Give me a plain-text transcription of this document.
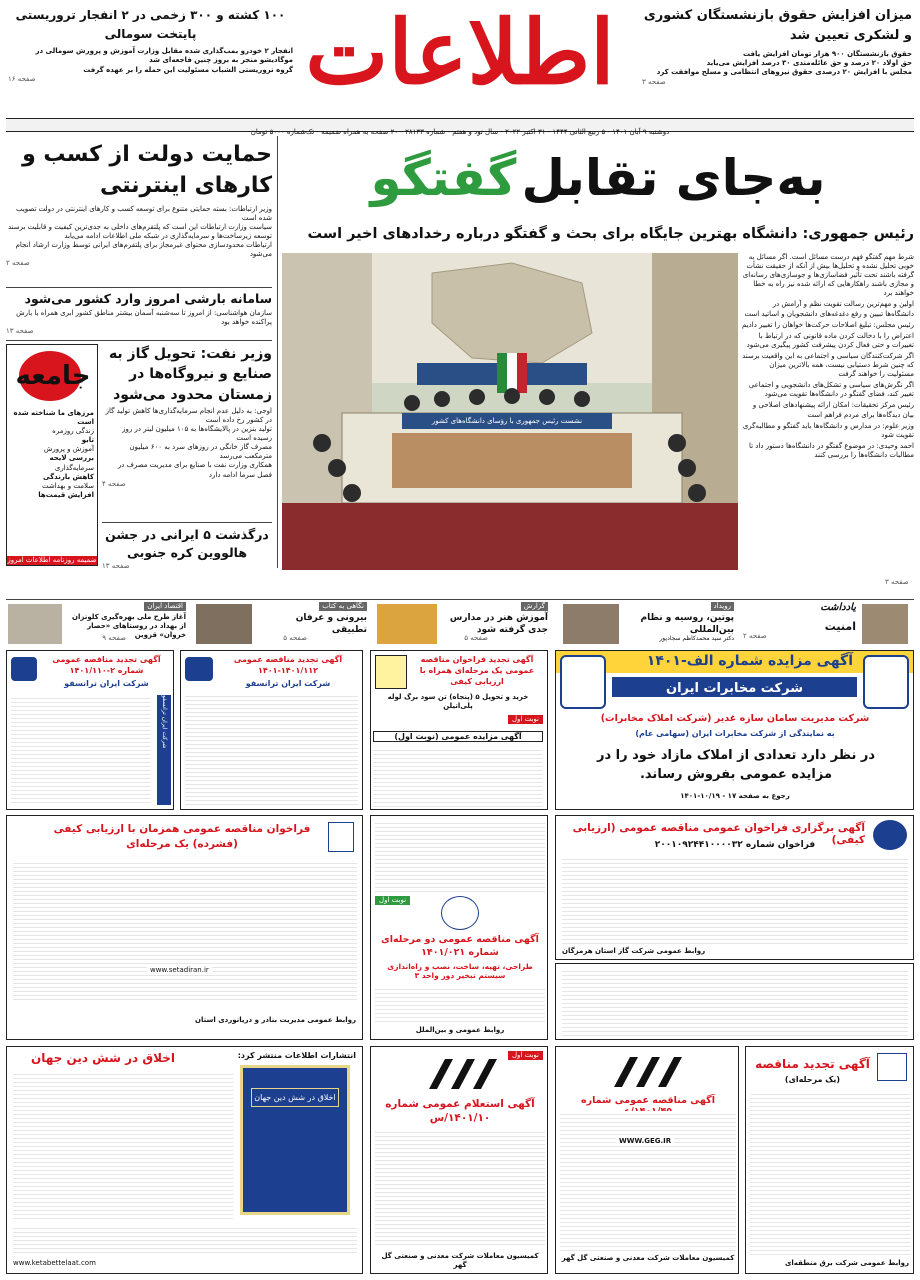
میزان افزایش حقوق بازنشستگان کشوری و لشکری تعیین شد
حقوق بازنشستگان ۹۰۰ هزار تومان افزایش یافت
حق اولاد ۲۰ درصد و حق عائله‌مندی ۳۰ درصد افزایش می‌یابد
مجلس با افزایش ۲۰ درصدی حقوق نیروهای انتظامی و مسلح موافقت کرد
صفحه ۳
اطلاعات
۱۰۰ کشته و ۳۰۰ زخمی در ۲ انفجار تروریستی پایتخت سومالی
انفجار ۲ خودرو بمب‌گذاری شده مقابل وزارت آموزش و پرورش سومالی در موگادیشو منجر به بروز چنین فاجعه‌ای شد
گروه تروریستی الشباب مسئولیت این حمله را بر عهده گرفت
صفحه ۱۶
دوشنبه ۹ آبان ۱۴۰۱ - ۵ ربیع الثانی ۱۴۴۴ - ۳۱ اکتبر ۲۰۲۲ - سال نود و هفتم - شماره ۲۸۱۳۳ - ۲۰ صفحه به همراه ضمیمه - تک‌شماره ۵۰۰۰ تومان
به‌جای تقابل گفتگو
رئیس جمهوری: دانشگاه بهترین جایگاه برای بحث و گفتگو درباره رخدادهای اخیر است
نشست رئیس جمهوری با رؤسای دانشگاه‌های کشور
شرط مهم گفتگو فهم درست مسائل است. اگر مسائل به خوبی تحلیل نشده و تحلیل‌ها بیش از آنکه از حقیقت نشأت گرفته باشند تحت تأثیر فضاسازی‌ها و جوسازی‌های رسانه‌ای و مجازی باشند راهکارهایی که ارائه شده نیز راه به خطا خواهند برد
اولین و مهم‌ترین رسالت تقویت نظم و آرامش در دانشگاه‌ها تبیین و رفع دغدغه‌های دانشجویان و اساتید است
رئیس مجلس: تبلیغ اصلاحات حرکت‌ها خواهان را تغییر دادیم
اعتراض را با دخالت کردن ماده قانونی که در ارتباط با تغییرات و حتی فعال کردن پیشرفت کشور پیگیری می‌شود
اگر شرکت‌کنندگان سیاسی و اجتماعی به این واقعیت برسند که چنین شرط دستیابی نیست، همه بالاترین میزان مسئولیت را خواهند گرفت
اگر نگرش‌های سیاسی و تشکل‌های دانشجویی و اجتماعی تغییر کند، فضای گفتگو در دانشگاه‌ها تقویت می‌شود
رئیس مرکز تحقیقات: امکان ارائه پیشنهادهای اصلاحی و بیان دیدگاه‌ها برای مردم فراهم است
وزیر علوم: در مدارس و دانشگاه‌ها باید گفتگو و مطالبه‌گری تقویت شود
احمد وحیدی: در موضوع گفتگو در دانشگاه‌ها دستور داد تا مطالبات دانشگاه‌ها را بررسی کنند
صفحه ۳
حمایت دولت از کسب و کارهای اینترنتی
وزیر ارتباطات: بسته حمایتی متنوع برای توسعه کسب و کارهای اینترنتی در دولت تصویب شده است
سیاست وزارت ارتباطات این است که پلتفرم‌های داخلی به جدی‌ترین کیفیت و قابلیت برسند
توسعه زیرساخت‌ها و سرمایه‌گذاری در شبکه ملی اطلاعات ادامه می‌یابد
ارتباطات محدودسازی محتوای غیرمجاز برای پلتفرم‌های ایرانی توسط وزارت ارشاد انجام می‌شود
صفحه ۲
سامانه بارشی امروز وارد کشور می‌شود
سازمان هواشناسی: از امروز تا سه‌شنبه آسمان بیشتر مناطق کشور ابری همراه با بارش پراکنده خواهد بود
صفحه ۱۳
جامعه
مرزهای ما شناخته شده است
زندگی روزمره
تابو
آموزش و پرورش
بررسی لایحه
سرمایه‌گذاری
کاهش بارندگی
سلامت و بهداشت
افزایش قیمت‌ها
ضمیمه روزنامه اطلاعات امروز
وزیر نفت: تحویل گاز به صنایع و نیروگاه‌ها در زمستان محدود می‌شود
اوجی: به دلیل عدم انجام سرمایه‌گذاری‌ها کاهش تولید گاز در کشور رخ داده است
تولید بنزین در پالایشگاه‌ها به ۱۰۵ میلیون لیتر در روز رسیده است
مصرف گاز خانگی در روزهای سرد به ۶۰۰ میلیون مترمکعب می‌رسد
همکاری وزارت نفت با صنایع برای مدیریت مصرف در فصل سرما ادامه دارد
صفحه ۴
درگذشت ۵ ایرانی در جشن هالووین کره جنوبی
صفحه ۱۳
یادداشت
امنیت
صفحه ۲
رویداد
پوتین، روسیه و نظام بین‌المللی
دکتر سید محمدکاظم سجادپور
گزارش
آموزش هنر در مدارس جدی گرفته شود
صفحه ۵
نگاهی به کتاب
بیرونی و عرفان تطبیقی
صفحه ۵
اقتصاد ایران
آغاز طرح ملی بهره‌گیری کلونزان از بهداد در روستاهای «حصار خروان» قزوین
صفحه ۹
آگهی مزایده شماره الف-۱۴۰۱
شرکت مخابرات ایران
شرکت مدیریت سامان سازه غدیر (شرکت املاک مخابرات)
به نمایندگی از شرکت مخابرات ایران (سهامی عام)
در نظر دارد تعدادی از املاک مازاد خود را در مزایده عمومی بفروش رساند.
رجوع به صفحه ۱۷ - ۱۰/۱۹-۱۴۰۱
آگهی تجدید فراخوان مناقصه عمومی یک مرحله‌ای همراه با ارزیابی کیفی
خرید و تحویل ۵ (پنجاه) تن سود برگ لوله پلی‌اتیلن
نوبت اول
آگهی مزایده عمومی (نوبت اول)
آگهی تجدید مناقصه عمومی ۱۴۰۱/۱۱۲-۱۴۰۱
شرکت ایران ترانسفو
آگهی تجدید مناقصه عمومی شماره ۲-۱۴۰۱/۱۱۰
شرکت ایران ترانسفو
شرکت ایران ترانسفو
آگهی برگزاری فراخوان عمومی مناقصه عمومی (ارزیابی کیفی)
فراخوان شماره ۲۰۰۱۰۹۲۴۴۱۰۰۰۰۳۲
روابط عمومی شرکت گاز استان هرمزگان
نوبت اول
آگهی مناقصه عمومی دو مرحله‌ای شماره ۱۴۰۱/۰۲۱
طراحی، تهیه، ساخت، نصب و راه‌اندازی سیستم تبخیر دور واحد ۳
روابط عمومی و بین‌الملل
فراخوان مناقصه عمومی همزمان با ارزیابی کیفی (فشرده) یک مرحله‌ای
www.setadiran.ir
روابط عمومی مدیریت بنادر و دریانوردی استان
آگهی تجدید مناقصه
(یک مرحله‌ای)
روابط عمومی شرکت برق منطقه‌ای
آگهی مناقصه عمومی شماره
WWW.GEG.IR
کمیسیون معاملات شرکت معدنی و صنعتی گل گهر
نوبت اول
آگهی استعلام عمومی شماره ۱۴۰۱/۱۰/س
کمیسیون معاملات شرکت معدنی و صنعتی گل گهر
انتشارات اطلاعات منتشر کرد:
اخلاق در شش دین جهان
اخلاق در شش دین جهان
www.ketabettelaat.com
